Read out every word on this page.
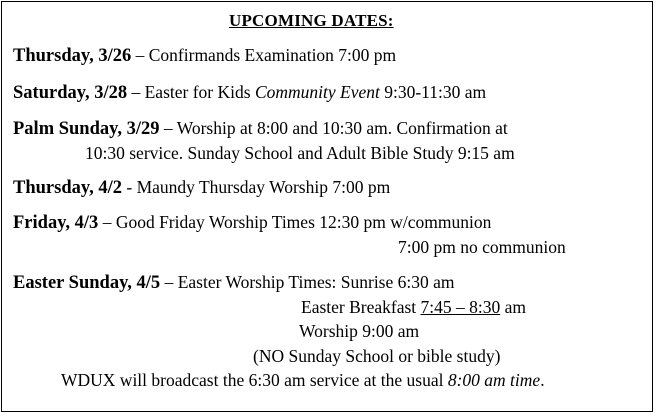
UPCOMING DATES:
Thursday, 3/26 – Confirmands Examination 7:00 pm
Saturday, 3/28 – Easter for Kids Community Event 9:30-11:30 am
Palm Sunday, 3/29 – Worship at 8:00 and 10:30 am. Confirmation at
10:30 service. Sunday School and Adult Bible Study 9:15 am
Thursday, 4/2 - Maundy Thursday Worship 7:00 pm
Friday, 4/3 – Good Friday Worship Times 12:30 pm w/communion
7:00 pm no communion
Easter Sunday, 4/5 – Easter Worship Times: Sunrise 6:30 am
Easter Breakfast 7:45 – 8:30 am
Worship 9:00 am
(NO Sunday School or bible study)
WDUX will broadcast the 6:30 am service at the usual 8:00 am time.
